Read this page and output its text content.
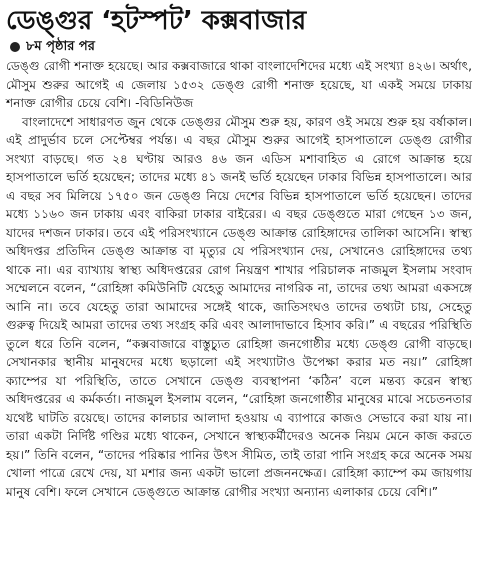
ডেঙ্গুর ‘হটস্পট’ কক্সবাজার
৮ম পৃষ্ঠার পর

ডেঙ্গু রোগী শনাক্ত হয়েছে। আর কক্সবাজারে থাকা বাংলাদেশিদের মধ্যে এই সংখ্যা ৪২৬। অর্থাৎ, মৌসুম শুরুর আগেই এ জেলায় ১৫৩২ ডেঙ্গু রোগী শনাক্ত হয়েছে, যা একই সময়ে ঢাকায় শনাক্ত রোগীর চেয়ে বেশি। -বিডিনিউজ

বাংলাদেশে সাধারণত জুন থেকে ডেঙ্গুর মৌসুম শুরু হয়, কারণ ওই সময়ে শুরু হয় বর্ষাকাল। এই প্রাদুর্ভাব চলে সেপ্টেম্বর পর্যন্ত। এ বছর মৌসুম শুরুর আগেই হাসপাতালে ডেঙ্গু রোগীর সংখ্যা বাড়ছে। গত ২৪ ঘণ্টায় আরও ৪৬ জন এডিস মশাবাহিত এ রোগে আক্রান্ত হয়ে হাসপাতালে ভর্তি হয়েছেন; তাদের মধ্যে ৪১ জনই ভর্তি হয়েছেন ঢাকার বিভিন্ন হাসপাতালে। আর এ বছর সব মিলিয়ে ১৭৫০ জন ডেঙ্গু নিয়ে দেশের বিভিন্ন হাসপাতালে ভর্তি হয়েছেন। তাদের মধ্যে ১১৬০ জন ঢাকায় এবং বাকিরা ঢাকার বাইরের। এ বছর ডেঙ্গুতে মারা গেছেন ১৩ জন, যাদের দশজন ঢাকার। তবে এই পরিসংখ্যানে ডেঙ্গু আক্রান্ত রোহিঙ্গাদের তালিকা আসেনি। স্বাস্থ্য অধিদপ্তর প্রতিদিন ডেঙ্গু আক্রান্ত বা মৃত্যুর যে পরিসংখ্যান দেয়, সেখানেও রোহিঙ্গাদের তথ্য থাকে না। এর ব্যাখ্যায় স্বাস্থ্য অধিদপ্তরের রোগ নিয়ন্ত্রণ শাখার পরিচালক নাজমুল ইসলাম সংবাদ সম্মেলনে বলেন, “রোহিঙ্গা কমিউনিটি যেহেতু আমাদের নাগরিক না, তাদের তথ্য আমরা একসঙ্গে আনি না। তবে যেহেতু তারা আমাদের সঙ্গেই থাকে, জাতিসংঘও তাদের তথ্যটা চায়, সেহেতু গুরুত্ব দিয়েই আমরা তাদের তথ্য সংগ্রহ করি এবং আলাদাভাবে হিসাব করি।” এ বছরের পরিস্থিতি তুলে ধরে তিনি বলেন, “কক্সবাজারে বাস্তুচ্যুত রোহিঙ্গা জনগোষ্ঠীর মধ্যে ডেঙ্গু রোগী বাড়ছে। সেখানকার স্থানীয় মানুষদের মধ্যে ছড়ালো এই সংখ্যাটাও উপেক্ষা করার মত নয়।” রোহিঙ্গা ক্যাম্পের যা পরিস্থিতি, তাতে সেখানে ডেঙ্গু ব্যবস্থাপনা ‘কঠিন’ বলে মন্তব্য করেন স্বাস্থ্য অধিদপ্তরের এ কর্মকর্তা। নাজমুল ইসলাম বলেন, “রোহিঙ্গা জনগোষ্ঠীর মানুষের মাঝে সচেতনতার যথেষ্ট ঘাটতি রয়েছে। তাদের কালচার আলাদা হওয়ায় এ ব্যাপারে কাজও সেভাবে করা যায় না। তারা একটা নির্দিষ্ট গণ্ডির মধ্যে থাকেন, সেখানে স্বাস্থ্যকর্মীদেরও অনেক নিয়ম মেনে কাজ করতে হয়।” তিনি বলেন, “তাদের পরিষ্কার পানির উৎস সীমিত, তাই তারা পানি সংগ্রহ করে অনেক সময় খোলা পাত্রে রেখে দেয়, যা মশার জন্য একটা ভালো প্রজননক্ষেত্র। রোহিঙ্গা ক্যাম্পে কম জায়গায় মানুষ বেশি। ফলে সেখানে ডেঙ্গুতে আক্রান্ত রোগীর সংখ্যা অন্যান্য এলাকার চেয়ে বেশি।”
